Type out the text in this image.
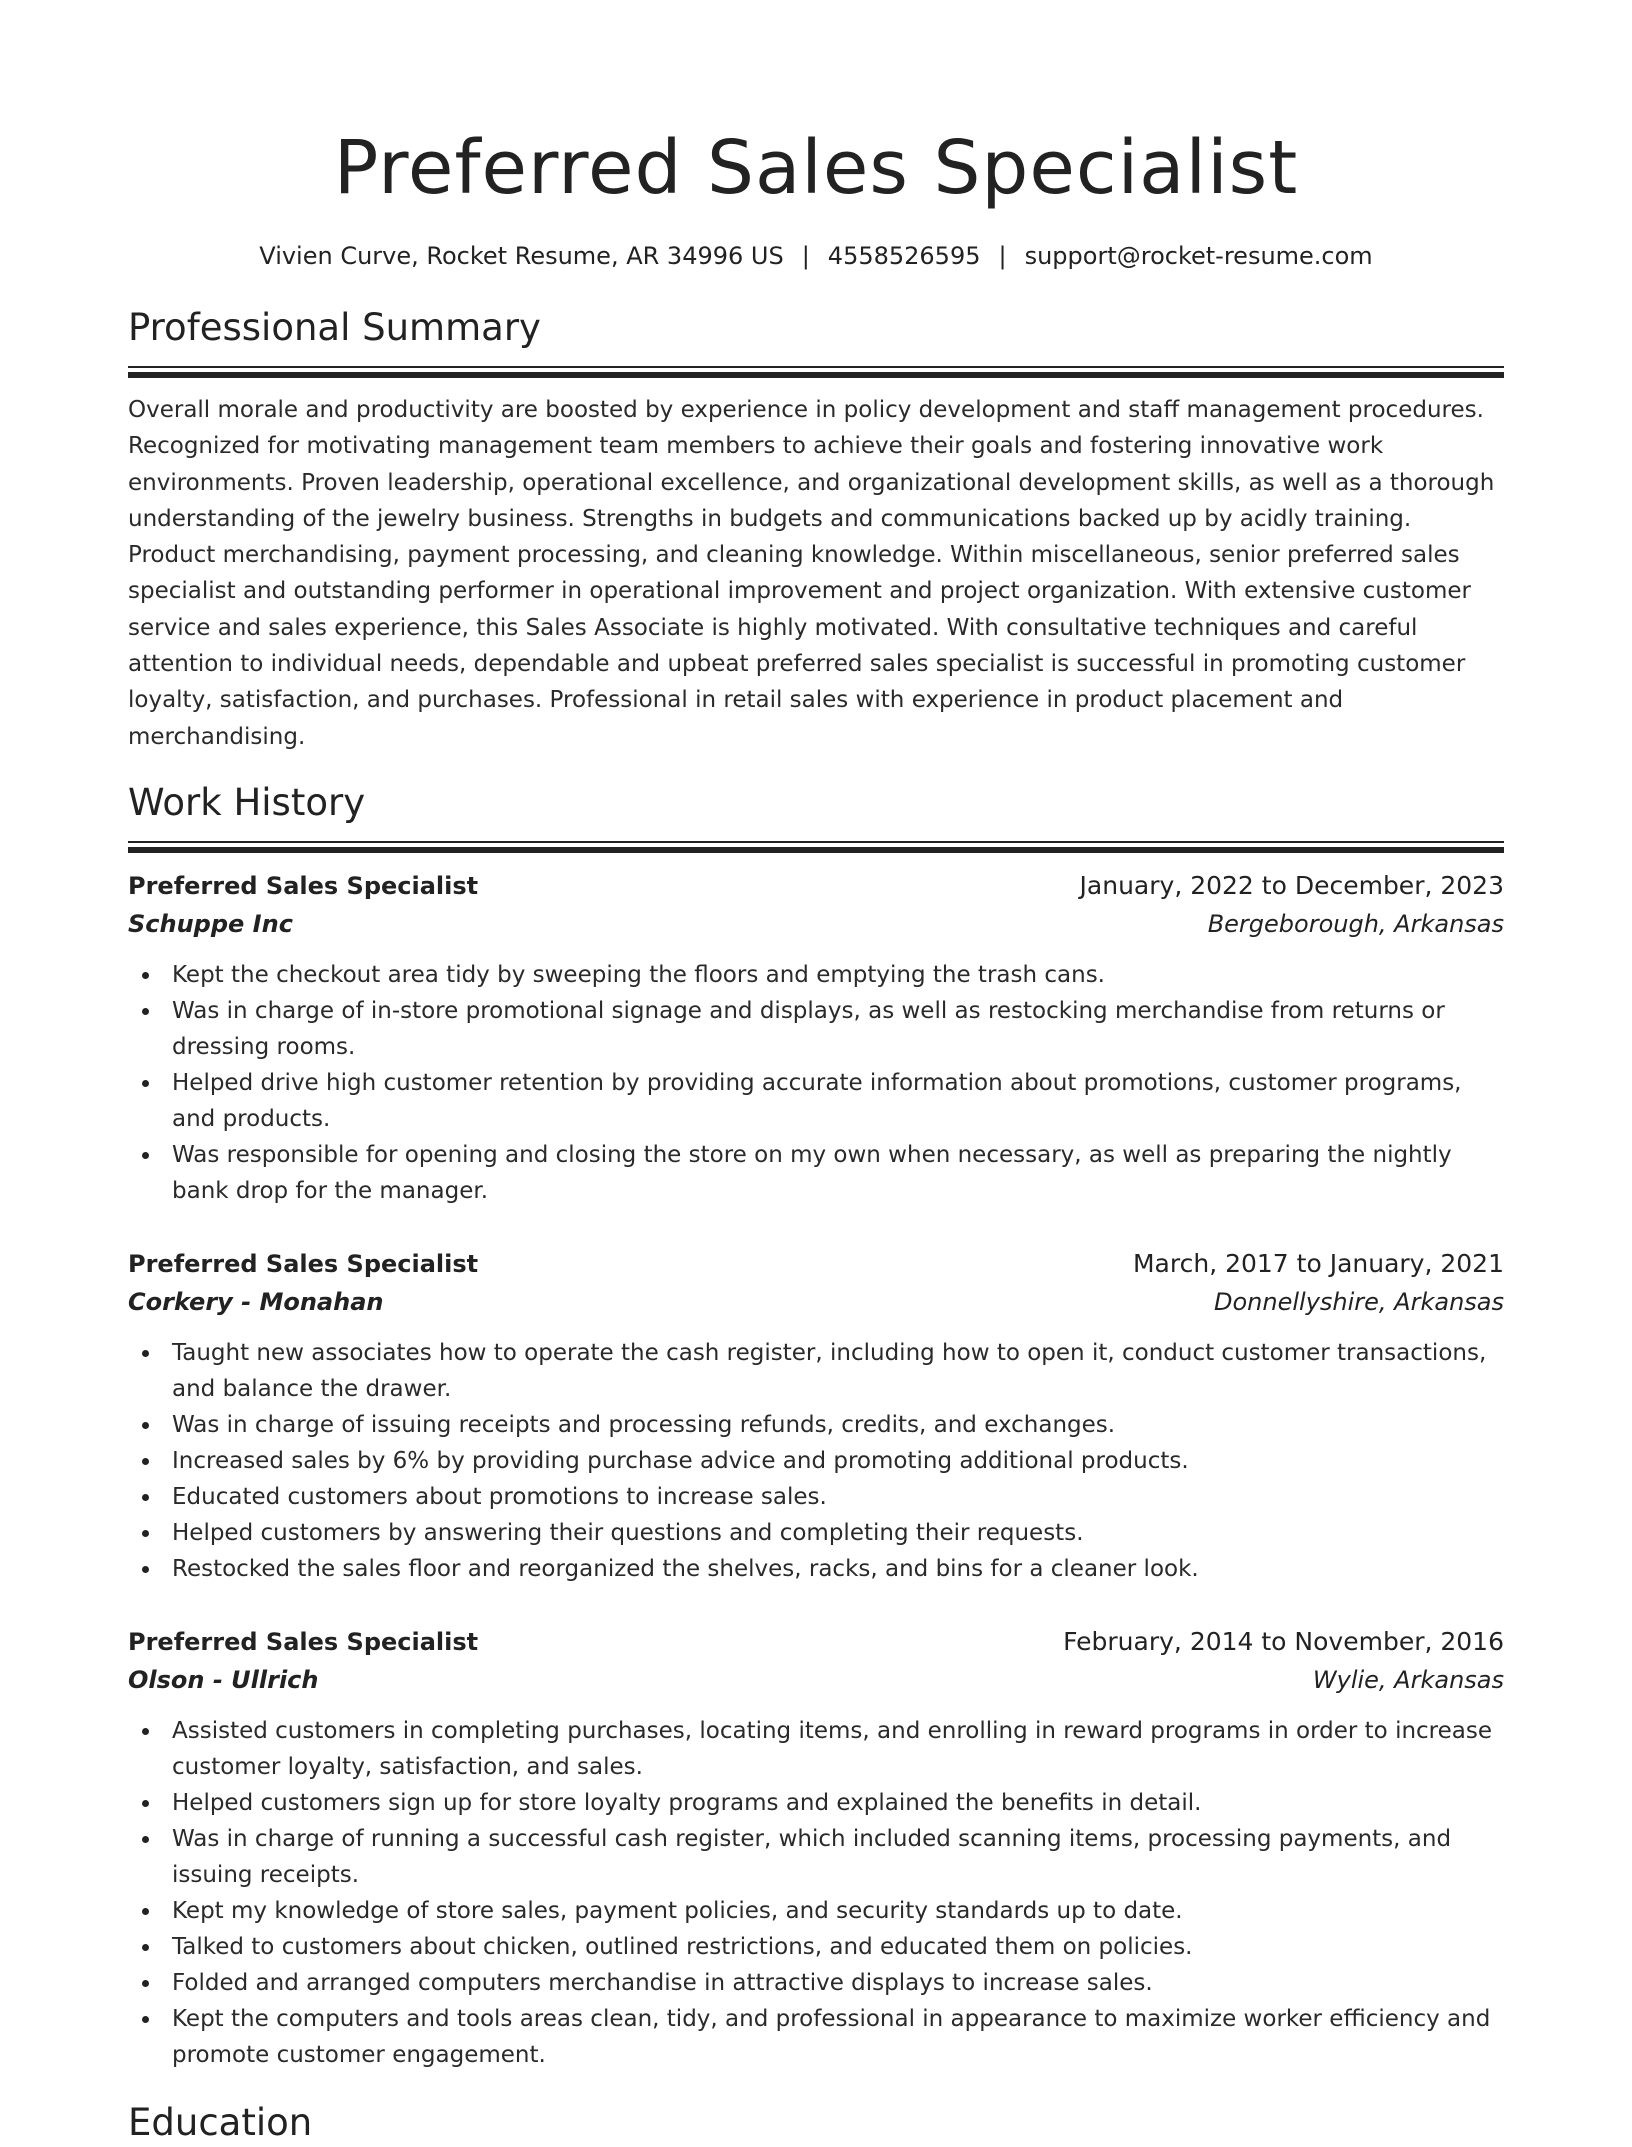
Preferred Sales Specialist
Vivien Curve, Rocket Resume, AR 34996 US | 4558526595 | support@rocket-resume.com
Professional Summary

Overall morale and productivity are boosted by experience in policy development and staff management procedures. Recognized for motivating management team members to achieve their goals and fostering innovative work environments. Proven leadership, operational excellence, and organizational development skills, as well as a thorough understanding of the jewelry business. Strengths in budgets and communications backed up by acidly training. Product merchandising, payment processing, and cleaning knowledge. Within miscellaneous, senior preferred sales specialist and outstanding performer in operational improvement and project organization. With extensive customer service and sales experience, this Sales Associate is highly motivated. With consultative techniques and careful attention to individual needs, dependable and upbeat preferred sales specialist is successful in promoting customer loyalty, satisfaction, and purchases. Professional in retail sales with experience in product placement and merchandising.

Work History
Preferred Sales Specialist	January, 2022 to December, 2023
Schuppe Inc	Bergeborough, Arkansas
Kept the checkout area tidy by sweeping the floors and emptying the trash cans.
Was in charge of in-store promotional signage and displays, as well as restocking merchandise from returns or dressing rooms.
Helped drive high customer retention by providing accurate information about promotions, customer programs, and products.
Was responsible for opening and closing the store on my own when necessary, as well as preparing the nightly bank drop for the manager.
Preferred Sales Specialist	March, 2017 to January, 2021
Corkery - Monahan	Donnellyshire, Arkansas
Taught new associates how to operate the cash register, including how to open it, conduct customer transactions, and balance the drawer.
Was in charge of issuing receipts and processing refunds, credits, and exchanges.
Increased sales by 6% by providing purchase advice and promoting additional products.
Educated customers about promotions to increase sales.
Helped customers by answering their questions and completing their requests.
Restocked the sales floor and reorganized the shelves, racks, and bins for a cleaner look.
Preferred Sales Specialist	February, 2014 to November, 2016
Olson - Ullrich	Wylie, Arkansas
Assisted customers in completing purchases, locating items, and enrolling in reward programs in order to increase customer loyalty, satisfaction, and sales.
Helped customers sign up for store loyalty programs and explained the benefits in detail.
Was in charge of running a successful cash register, which included scanning items, processing payments, and issuing receipts.
Kept my knowledge of store sales, payment policies, and security standards up to date.
Talked to customers about chicken, outlined restrictions, and educated them on policies.
Folded and arranged computers merchandise in attractive displays to increase sales.
Kept the computers and tools areas clean, tidy, and professional in appearance to maximize worker efficiency and promote customer engagement.
Education
